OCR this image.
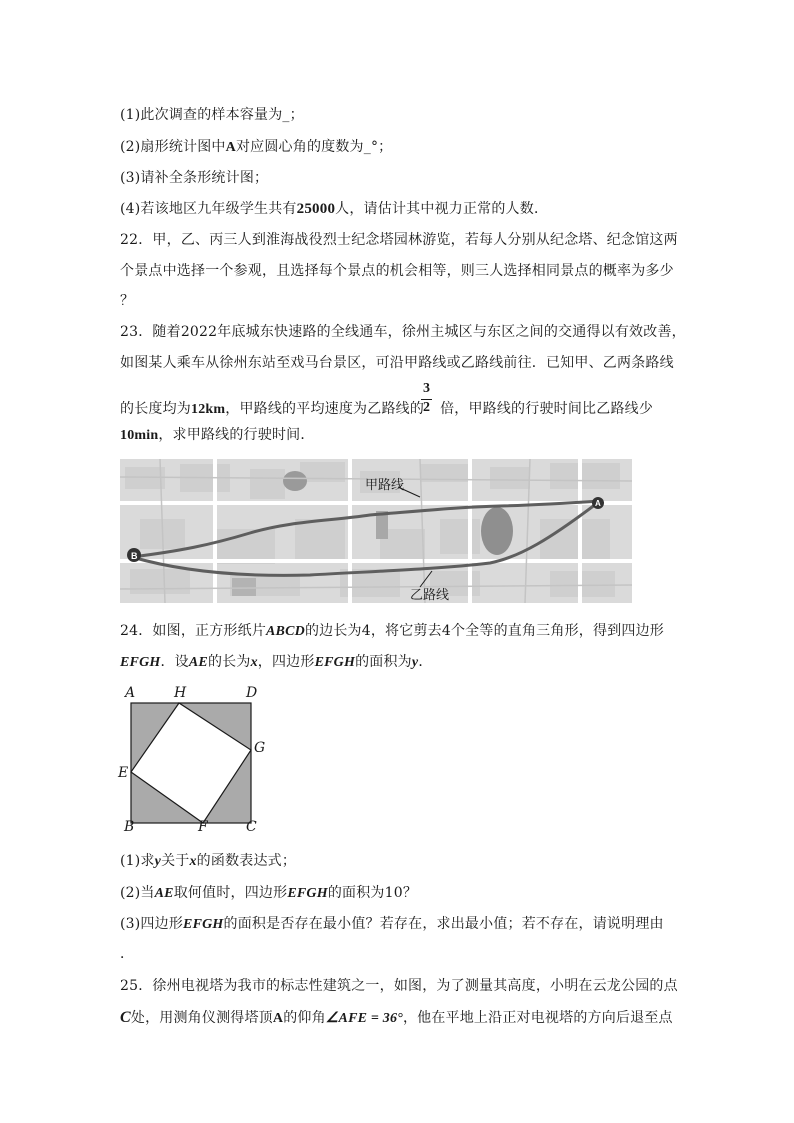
(1)此次调查的样本容量为_；
(2)扇形统计图中A对应圆心角的度数为_°；
(3)请补全条形统计图；
(4)若该地区九年级学生共有25000人，请估计其中视力正常的人数．
22．甲，乙、丙三人到淮海战役烈士纪念塔园林游览，若每人分别从纪念塔、纪念馆这两
个景点中选择一个参观，且选择每个景点的机会相等，则三人选择相同景点的概率为多少
？
23．随着2022年底城东快速路的全线通车，徐州主城区与东区之间的交通得以有效改善，
如图某人乘车从徐州东站至戏马台景区，可沿甲路线或乙路线前往．已知甲、乙两条路线
3
2
的长度均为12km，甲路线的平均速度为乙路线的 倍，甲路线的行驶时间比乙路线少
10min，求甲路线的行驶时间．
B
A
甲路线
乙路线
24．如图，正方形纸片ABCD的边长为4，将它剪去4个全等的直角三角形，得到四边形
EFGH．设AE的长为x，四边形EFGH的面积为y．
A	H	D
G
E
B	F	C
(1)求y关于x的函数表达式；
(2)当AE取何值时，四边形EFGH的面积为10？
(3)四边形EFGH的面积是否存在最小值？若存在，求出最小值；若不存在，请说明理由
．
25．徐州电视塔为我市的标志性建筑之一，如图，为了测量其高度，小明在云龙公园的点
C处，用测角仪测得塔顶A的仰角∠AFE = 36°，他在平地上沿正对电视塔的方向后退至点
